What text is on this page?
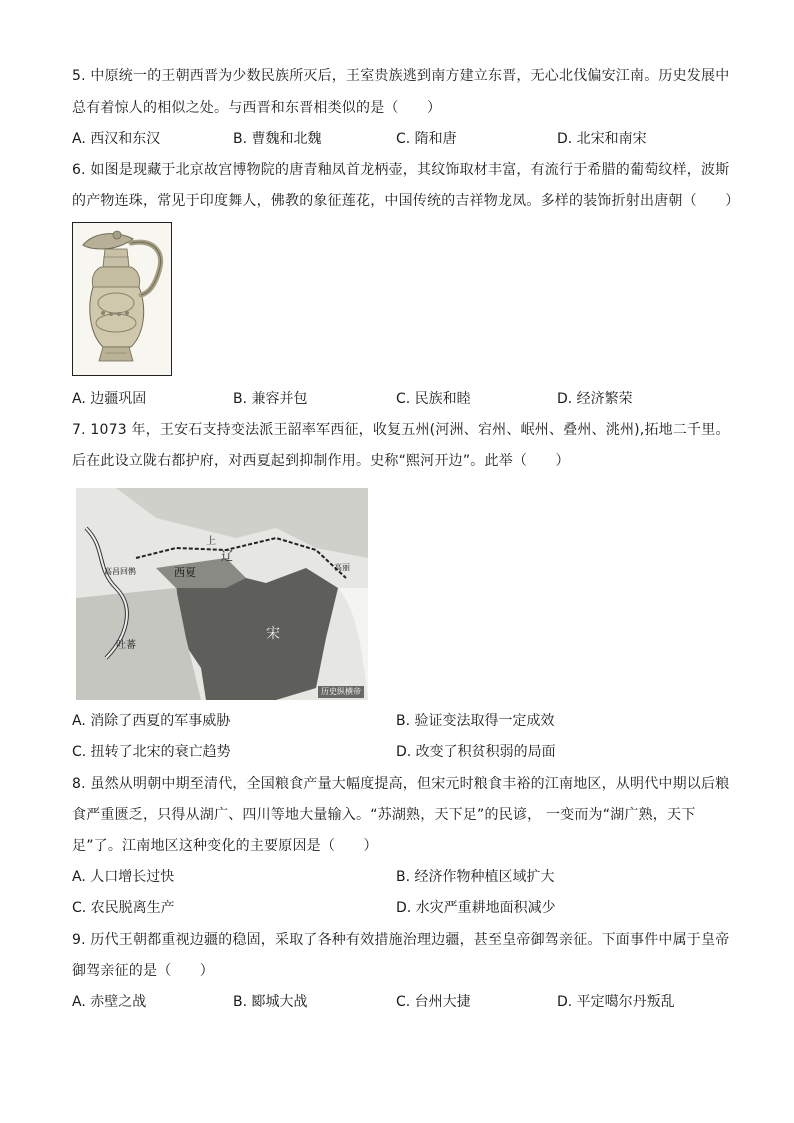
5. 中原统一的王朝西晋为少数民族所灭后，王室贵族逃到南方建立东晋，无心北伐偏安江南。历史发展中
总有着惊人的相似之处。与西晋和东晋相类似的是（　　）
A. 西汉和东汉	B. 曹魏和北魏	C. 隋和唐	D. 北宋和南宋
6. 如图是现藏于北京故宫博物院的唐青釉凤首龙柄壶，其纹饰取材丰富，有流行于希腊的葡萄纹样，波斯
的产物连珠，常见于印度舞人，佛教的象征莲花，中国传统的吉祥物龙凤。多样的装饰折射出唐朝（　　）
A. 边疆巩固	B. 兼容并包	C. 民族和睦	D. 经济繁荣
7. 1073 年，王安石支持变法派王韶率军西征，收复五州(河洲、宕州、岷州、叠州、洮州),拓地二千里。
后在此设立陇右都护府，对西夏起到抑制作用。史称“熙河开边”。此举（　　）
上
辽
西夏
宋
高昌回鹘
吐蕃
高丽
历史纵横帝
A. 消除了西夏的军事威胁	B. 验证变法取得一定成效
C. 扭转了北宋的衰亡趋势	D. 改变了积贫积弱的局面
8. 虽然从明朝中期至清代，全国粮食产量大幅度提高，但宋元时粮食丰裕的江南地区，从明代中期以后粮
食严重匮乏，只得从湖广、四川等地大量输入。“苏湖熟，天下足”的民谚， 一变而为“湖广熟，天下
足”了。江南地区这种变化的主要原因是（　　）
A. 人口增长过快	B. 经济作物种植区域扩大
C. 农民脱离生产	D. 水灾严重耕地面积减少
9. 历代王朝都重视边疆的稳固，采取了各种有效措施治理边疆，甚至皇帝御驾亲征。下面事件中属于皇帝
御驾亲征的是（　　）
A. 赤壁之战	B. 郾城大战	C. 台州大捷	D. 平定噶尔丹叛乱
